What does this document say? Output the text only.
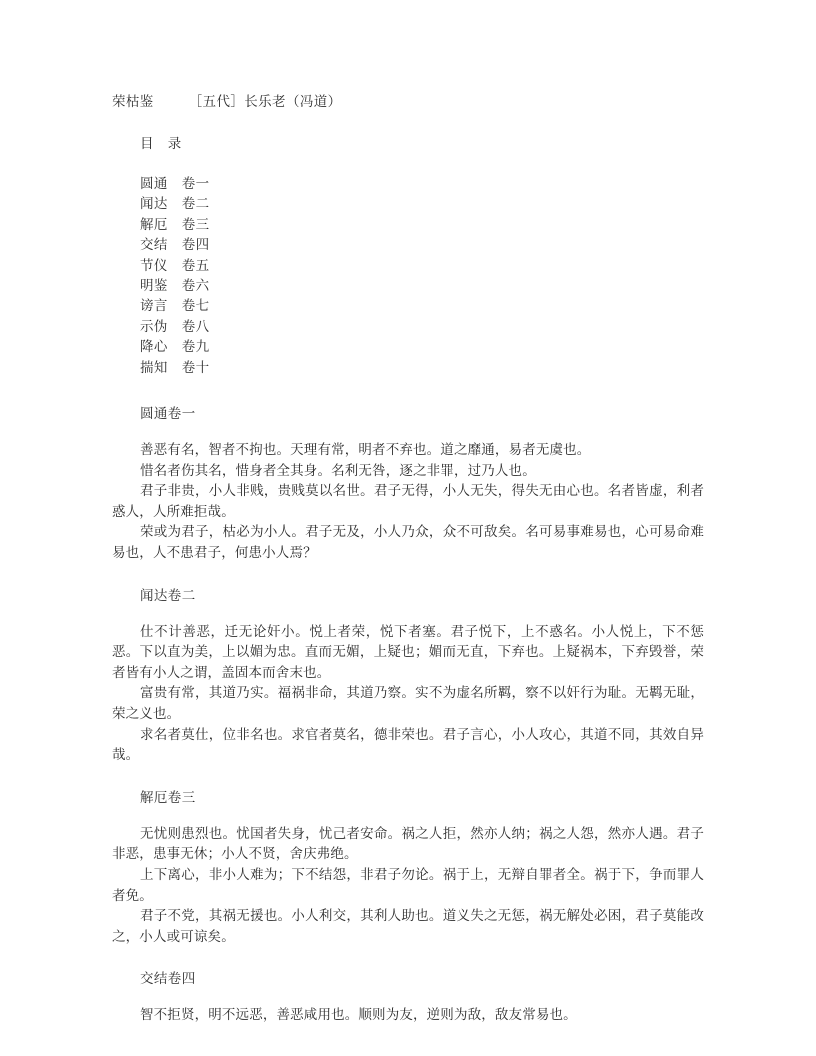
荣枯鉴　　　［五代］长乐老（冯道）
目　录
圆通　卷一
闻达　卷二
解厄　卷三
交结　卷四
节仪　卷五
明鉴　卷六
谤言　卷七
示伪　卷八
降心　卷九
揣知　卷十
圆通卷一

善恶有名，智者不拘也。天理有常，明者不弃也。道之靡通，易者无虞也。

惜名者伤其名，惜身者全其身。名利无咎，逐之非罪，过乃人也。

君子非贵，小人非贱，贵贱莫以名世。君子无得，小人无失，得失无由心也。名者皆虚，利者惑人，人所难拒哉。

荣或为君子，枯必为小人。君子无及，小人乃众，众不可敌矣。名可易事难易也，心可易命难易也，人不患君子，何患小人焉？

闻达卷二

仕不计善恶，迁无论奸小。悦上者荣，悦下者塞。君子悦下，上不惑名。小人悦上，下不惩恶。下以直为美，上以媚为忠。直而无媚，上疑也；媚而无直，下弃也。上疑祸本，下弃毁誉，荣者皆有小人之谓，盖固本而舍末也。

富贵有常，其道乃实。福祸非命，其道乃察。实不为虚名所羁，察不以奸行为耻。无羁无耻，荣之义也。

求名者莫仕，位非名也。求官者莫名，德非荣也。君子言心，小人攻心，其道不同，其效自异哉。

解厄卷三

无忧则患烈也。忧国者失身，忧己者安命。祸之人拒，然亦人纳；祸之人怨，然亦人遇。君子非恶，患事无休；小人不贤，舍庆弗绝。

上下离心，非小人难为；下不结怨，非君子勿论。祸于上，无辩自罪者全。祸于下，争而罪人者免。

君子不党，其祸无援也。小人利交，其利人助也。道义失之无惩，祸无解处必困，君子莫能改之，小人或可谅矣。

交结卷四

智不拒贤，明不远恶，善恶咸用也。顺则为友，逆则为敌，敌友常易也。
